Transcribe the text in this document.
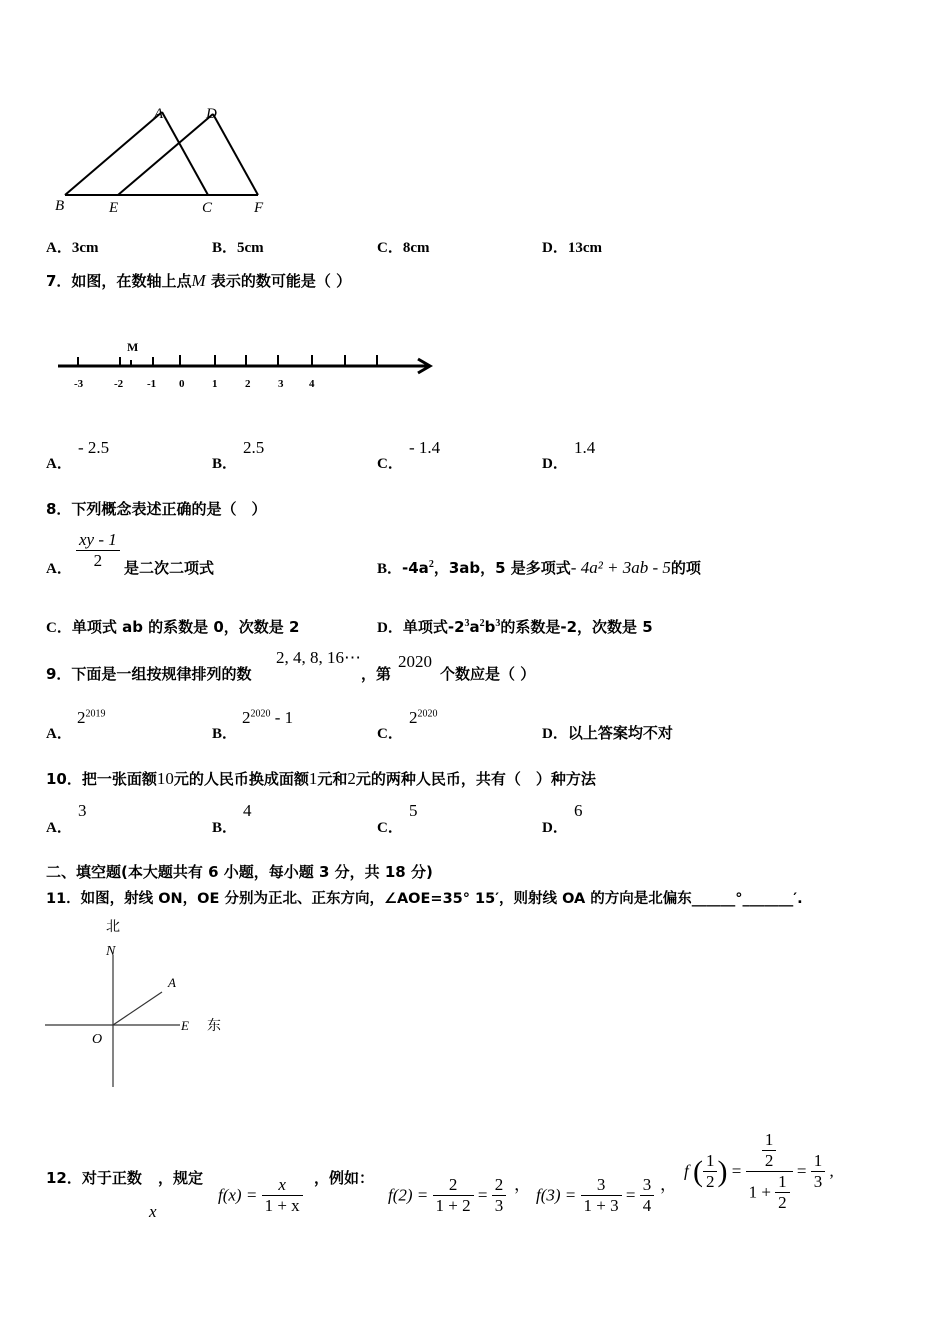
A	D
B	E	C	F
A．3cm	B．5cm	C．8cm	D．13cm
7．如图，在数轴上点M 表示的数可能是（ ）
M
-3	-2 -1 0	1	2	3 4
A．
- 2.5
B．
2.5
C．
- 1.4
D．
1.4
8．下列概念表述正确的是（　）
A． $\frac{xy - 1}{2}$ 是二次二项式	B．$-4a^2$，3ab，5 是多项式- 4a² + 3ab - 5的项
C．单项式 ab 的系数是 0，次数是 2	D．单项式$-2^3a^2b^3$的系数是-2，次数是 5
9．下面是一组按规律排列的数
2, 4, 8, 16⋯
，第
2020
个数应是（ ）
A．
$2^{2019}$
B．
$2^{2020} - 1$
C．
$2^{2020}$
D．以上答案均不对
10．把一张面额10元的人民币换成面额1元和2元的两种人民币，共有（　）种方法
A．
3
B．
4
C．
5
D．
6
二、填空题(本大题共有 6 小题，每小题 3 分，共 18 分)
11．如图，射线 ON，OE 分别为正北、正东方向，∠AOE=35° 15′，则射线 OA 的方向是北偏东______°_______′.
北
N
A
O
E 东
12．对于正数
x
，规定
$f(x) = \frac{x}{1 + x}$ ，例如：
$f(2) = \frac{2}{1 + 2} = \frac{2}{3}$ ，
$f(3) = \frac{3}{1 + 3} = \frac{3}{4}$ ，
f ( $\frac{1}{2}$ ) = $\frac{\frac{1}{2}}{1 + \frac{1}{2}} = \frac{1}{3}$ ,
